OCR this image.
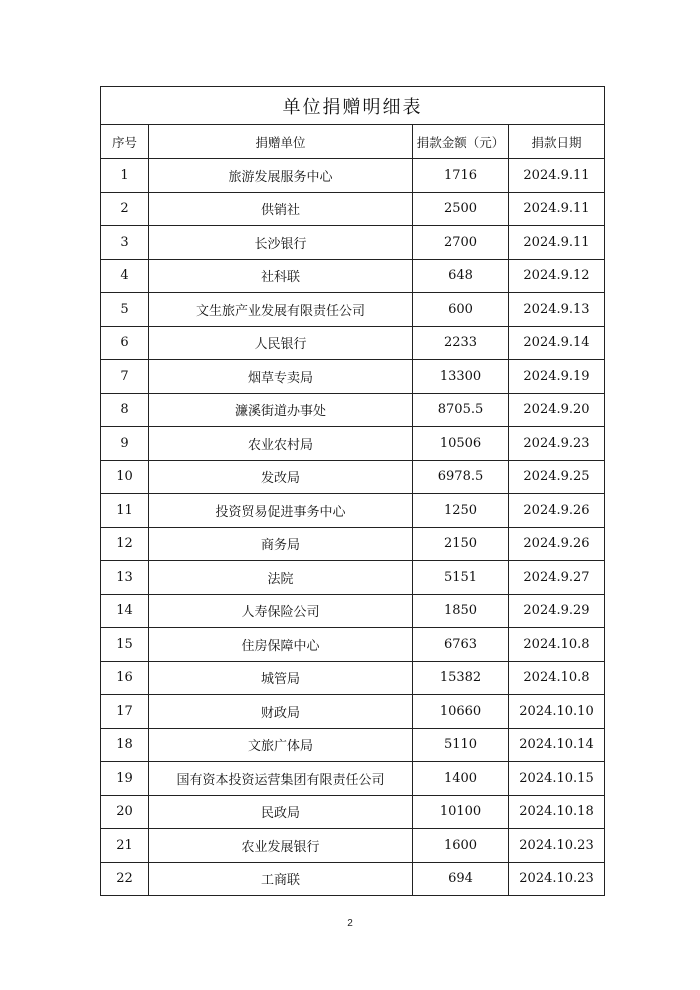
单位捐赠明细表			
序号	捐赠单位	捐款金额（元）	捐款日期
1	旅游发展服务中心	1716	2024.9.11
2	供销社	2500	2024.9.11
3	长沙银行	2700	2024.9.11
4	社科联	648	2024.9.12
5	文生旅产业发展有限责任公司	600	2024.9.13
6	人民银行	2233	2024.9.14
7	烟草专卖局	13300	2024.9.19
8	濂溪街道办事处	8705.5	2024.9.20
9	农业农村局	10506	2024.9.23
10	发改局	6978.5	2024.9.25
11	投资贸易促进事务中心	1250	2024.9.26
12	商务局	2150	2024.9.26
13	法院	5151	2024.9.27
14	人寿保险公司	1850	2024.9.29
15	住房保障中心	6763	2024.10.8
16	城管局	15382	2024.10.8
17	财政局	10660	2024.10.10
18	文旅广体局	5110	2024.10.14
19	国有资本投资运营集团有限责任公司	1400	2024.10.15
20	民政局	10100	2024.10.18
21	农业发展银行	1600	2024.10.23
22	工商联	694	2024.10.23
2
